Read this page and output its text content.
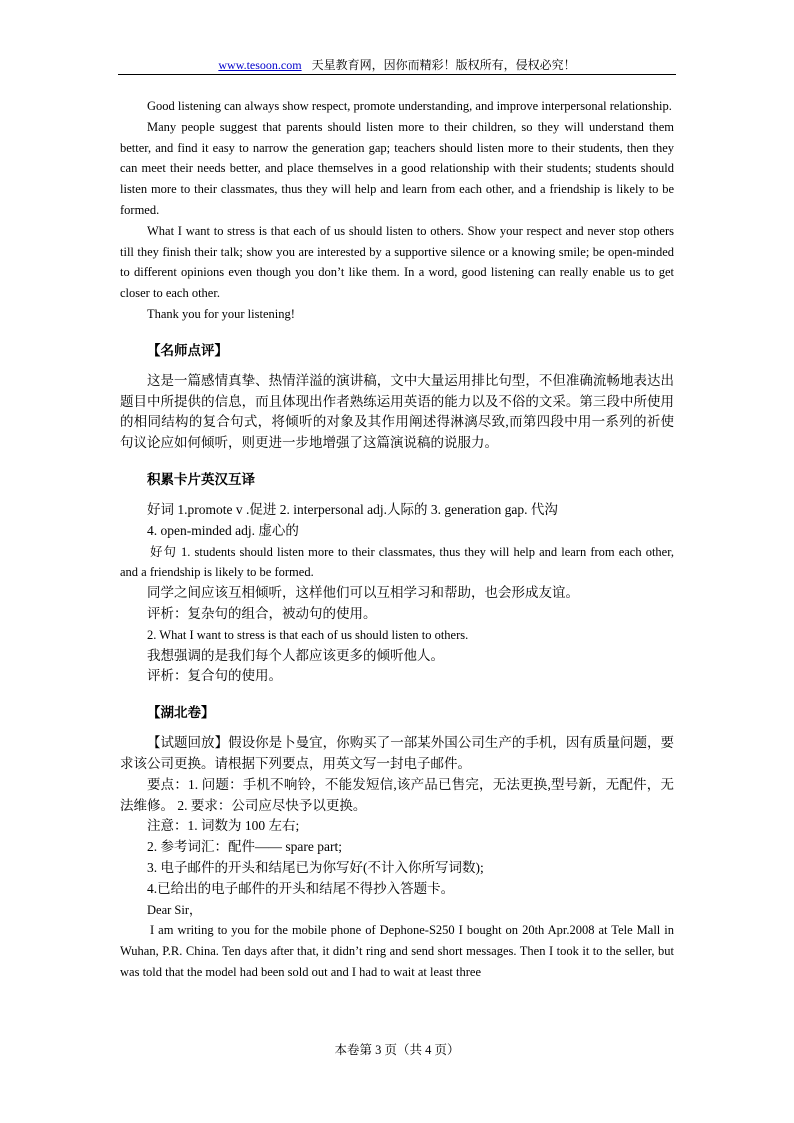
www.tesoon.com 天星教育网，因你而精彩！版权所有，侵权必究！

Good listening can always show respect, promote understanding, and improve interpersonal relationship.

Many people suggest that parents should listen more to their children, so they will understand them better, and find it easy to narrow the generation gap; teachers should listen more to their students, then they can meet their needs better, and place themselves in a good relationship with their students; students should listen more to their classmates, thus they will help and learn from each other, and a friendship is likely to be formed.

What I want to stress is that each of us should listen to others. Show your respect and never stop others till they finish their talk; show you are interested by a supportive silence or a knowing smile; be open-minded to different opinions even though you don’t like them. In a word, good listening can really enable us to get closer to each other.

Thank you for your listening!

【名师点评】

这是一篇感情真挚、热情洋溢的演讲稿，文中大量运用排比句型，不但准确流畅地表达出题目中所提供的信息，而且体现出作者熟练运用英语的能力以及不俗的文采。第三段中所使用的相同结构的复合句式，将倾听的对象及其作用阐述得淋漓尽致,而第四段中用一系列的祈使句议论应如何倾听，则更进一步地增强了这篇演说稿的说服力。

积累卡片英汉互译

好词 1.promote v .促进 2. interpersonal adj.人际的 3. generation gap. 代沟

4. open-minded adj. 虚心的

好句 1. students should listen more to their classmates, thus they will help and learn from each other, and a friendship is likely to be formed.

同学之间应该互相倾听，这样他们可以互相学习和帮助，也会形成友谊。

评析：复杂句的组合，被动句的使用。

2. What I want to stress is that each of us should listen to others.

我想强调的是我们每个人都应该更多的倾听他人。

评析：复合句的使用。

【湖北卷】

【试题回放】假设你是卜曼宜，你购买了一部某外国公司生产的手机，因有质量问题，要求该公司更换。请根据下列要点，用英文写一封电子邮件。

要点：1. 问题：手机不响铃，不能发短信,该产品已售完，无法更换,型号新，无配件，无法维修。 2. 要求：公司应尽快予以更换。

注意：1. 词数为 100 左右;

2. 参考词汇：配件—— spare part;

3. 电子邮件的开头和结尾已为你写好(不计入你所写词数);

4.已给出的电子邮件的开头和结尾不得抄入答题卡。

Dear Sir，

I am writing to you for the mobile phone of Dephone-S250 I bought on 20th Apr.2008 at Tele Mall in Wuhan, P.R. China. Ten days after that, it didn’t ring and send short messages. Then I took it to the seller, but was told that the model had been sold out and I had to wait at least three

本卷第 3 页（共 4 页）
